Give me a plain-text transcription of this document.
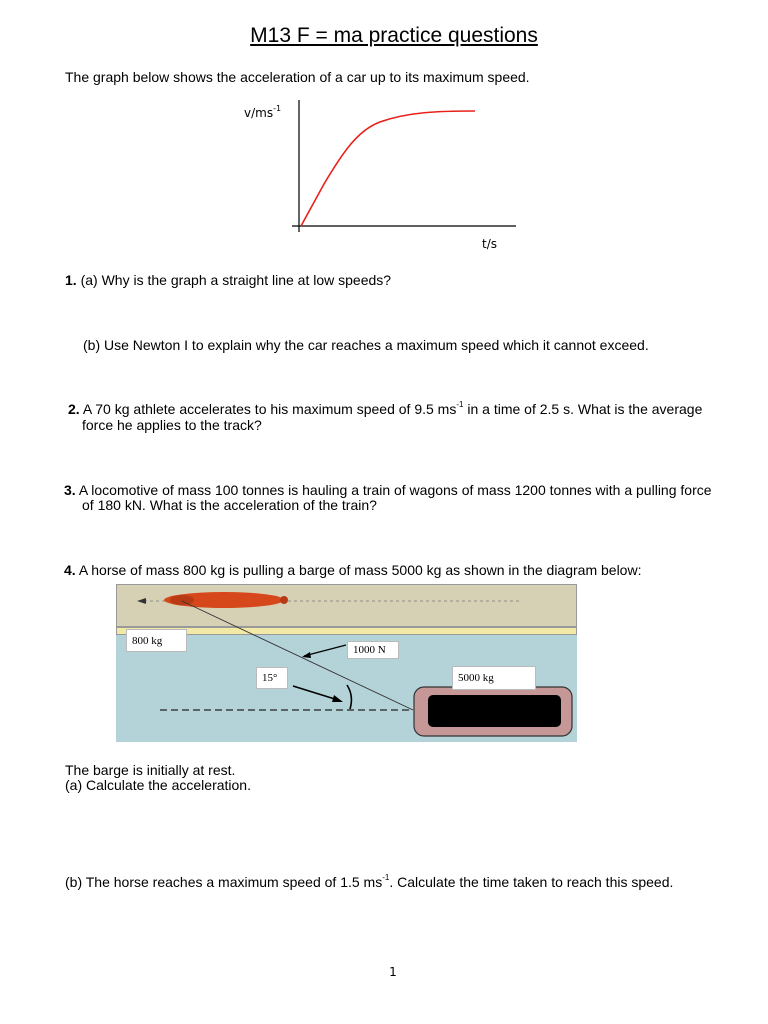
M13 F = ma practice questions
The graph below shows the acceleration of a car up to its maximum speed.
$v/ms^{-1}$
t/s
1. (a) Why is the graph a straight line at low speeds?
(b) Use Newton I to explain why the car reaches a maximum speed which it cannot exceed.
2. A 70 kg athlete accelerates to his maximum speed of 9.5 $ms^{-1}$ in a time of 2.5 s. What is the average
force he applies to the track?
3. A locomotive of mass 100 tonnes is hauling a train of wagons of mass 1200 tonnes with a pulling force
of 180 kN. What is the acceleration of the train?
4. A horse of mass 800 kg is pulling a barge of mass 5000 kg as shown in the diagram below:
800 kg
1000 N
15°	5000 kg
The barge is initially at rest.
(a) Calculate the acceleration.
(b) The horse reaches a maximum speed of 1.5 $ms^{-1}$. Calculate the time taken to reach this speed.
1
